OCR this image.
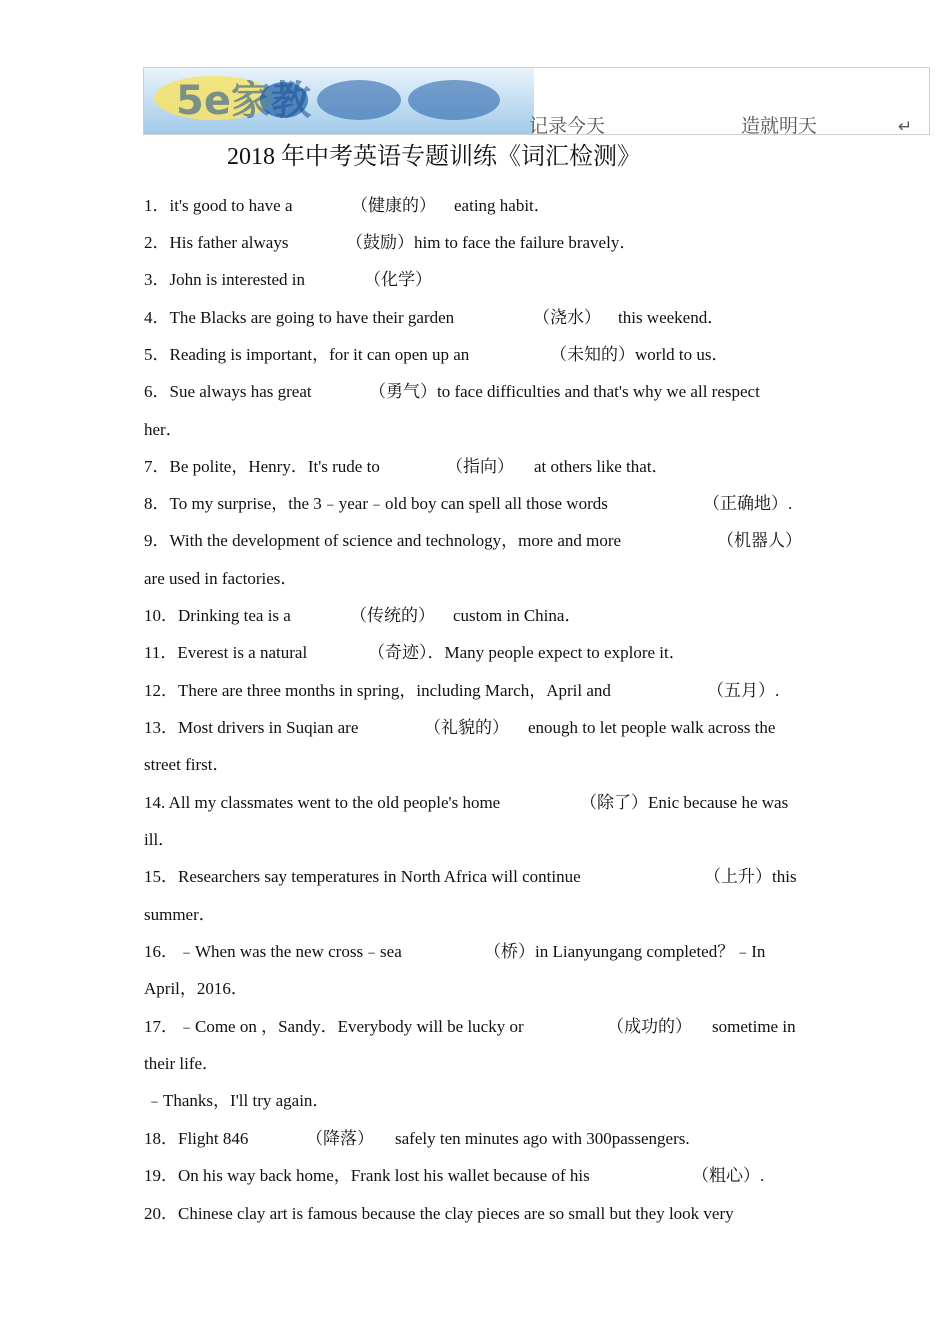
5e家教
记录今天	造就明天	↵
2018 年中考英语专题训练《词汇检测》
1．it's good to have a	（健康的） eating habit．
2．His father always	（鼓励）him to face the failure bravely．
3．John is interested in	（化学）
4．The Blacks are going to have their garden	（浇水） this weekend．
5．Reading is important，for it can open up an	（未知的）world to us．
6．Sue always has great	（勇气）to face difficulties and that's why we all respect
her．
7．Be polite，Henry．It's rude to	（指向） at others like that．
8．To my surprise，the 3﹣year﹣old boy can spell all those words	（正确地）.
9．With the development of science and technology，more and more	（机器人）
are used in factories．
10．Drinking tea is a	（传统的） custom in China．
11．Everest is a natural	（奇迹）．Many people expect to explore it．
12．There are three months in spring，including March，April and	（五月）.
13．Most drivers in Suqian are	（礼貌的） enough to let people walk across the
street first．
14. All my classmates went to the old people's home	（除了）Enic because he was
ill．
15．Researchers say temperatures in North Africa will continue	（上升）this
summer．
16．﹣When was the new cross﹣sea	（桥）in Lianyungang completed？﹣In
April，2016．
17．﹣Come on ，Sandy．Everybody will be lucky or	（成功的） sometime in
their life．
﹣Thanks，I'll try again．
18．Flight 846	（降落） safely ten minutes ago with 300passengers.
19．On his way back home，Frank lost his wallet because of his	（粗心）.
20．Chinese clay art is famous because the clay pieces are so small but they look very
